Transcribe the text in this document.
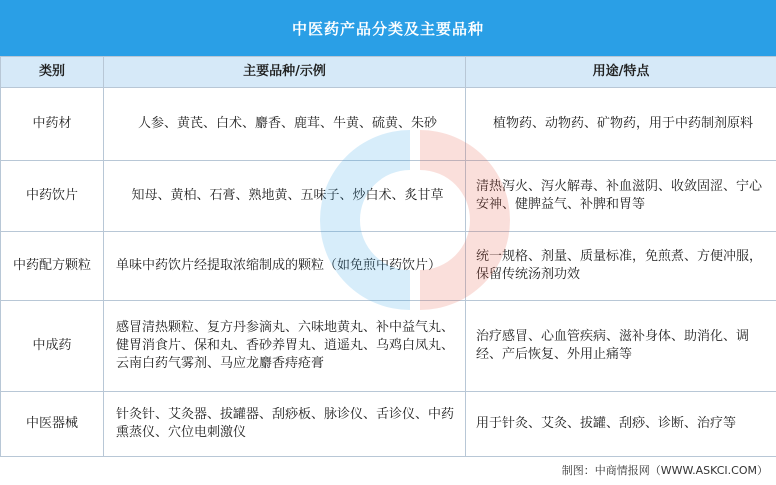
中医药产品分类及主要品种
类别	主要品种/示例	用途/特点
中药材	人参、黄芪、白术、麝香、鹿茸、牛黄、硫黄、朱砂	植物药、动物药、矿物药，用于中药制剂原料
中药饮片	知母、黄柏、石膏、熟地黄、五味子、炒白术、炙甘草	清热泻火、泻火解毒、补血滋阴、收敛固涩、宁心安神、健脾益气、补脾和胃等
中药配方颗粒	单味中药饮片经提取浓缩制成的颗粒（如免煎中药饮片）	统一规格、剂量、质量标准，免煎煮、方便冲服，保留传统汤剂功效
中成药	感冒清热颗粒、复方丹参滴丸、六味地黄丸、补中益气丸、健胃消食片、保和丸、香砂养胃丸、逍遥丸、乌鸡白凤丸、云南白药气雾剂、马应龙麝香痔疮膏	治疗感冒、心血管疾病、滋补身体、助消化、调经、产后恢复、外用止痛等
中医器械	针灸针、艾灸器、拔罐器、刮痧板、脉诊仪、舌诊仪、中药熏蒸仪、穴位电刺激仪	用于针灸、艾灸、拔罐、刮痧、诊断、治疗等
制图：中商情报网（WWW.ASKCI.COM）
